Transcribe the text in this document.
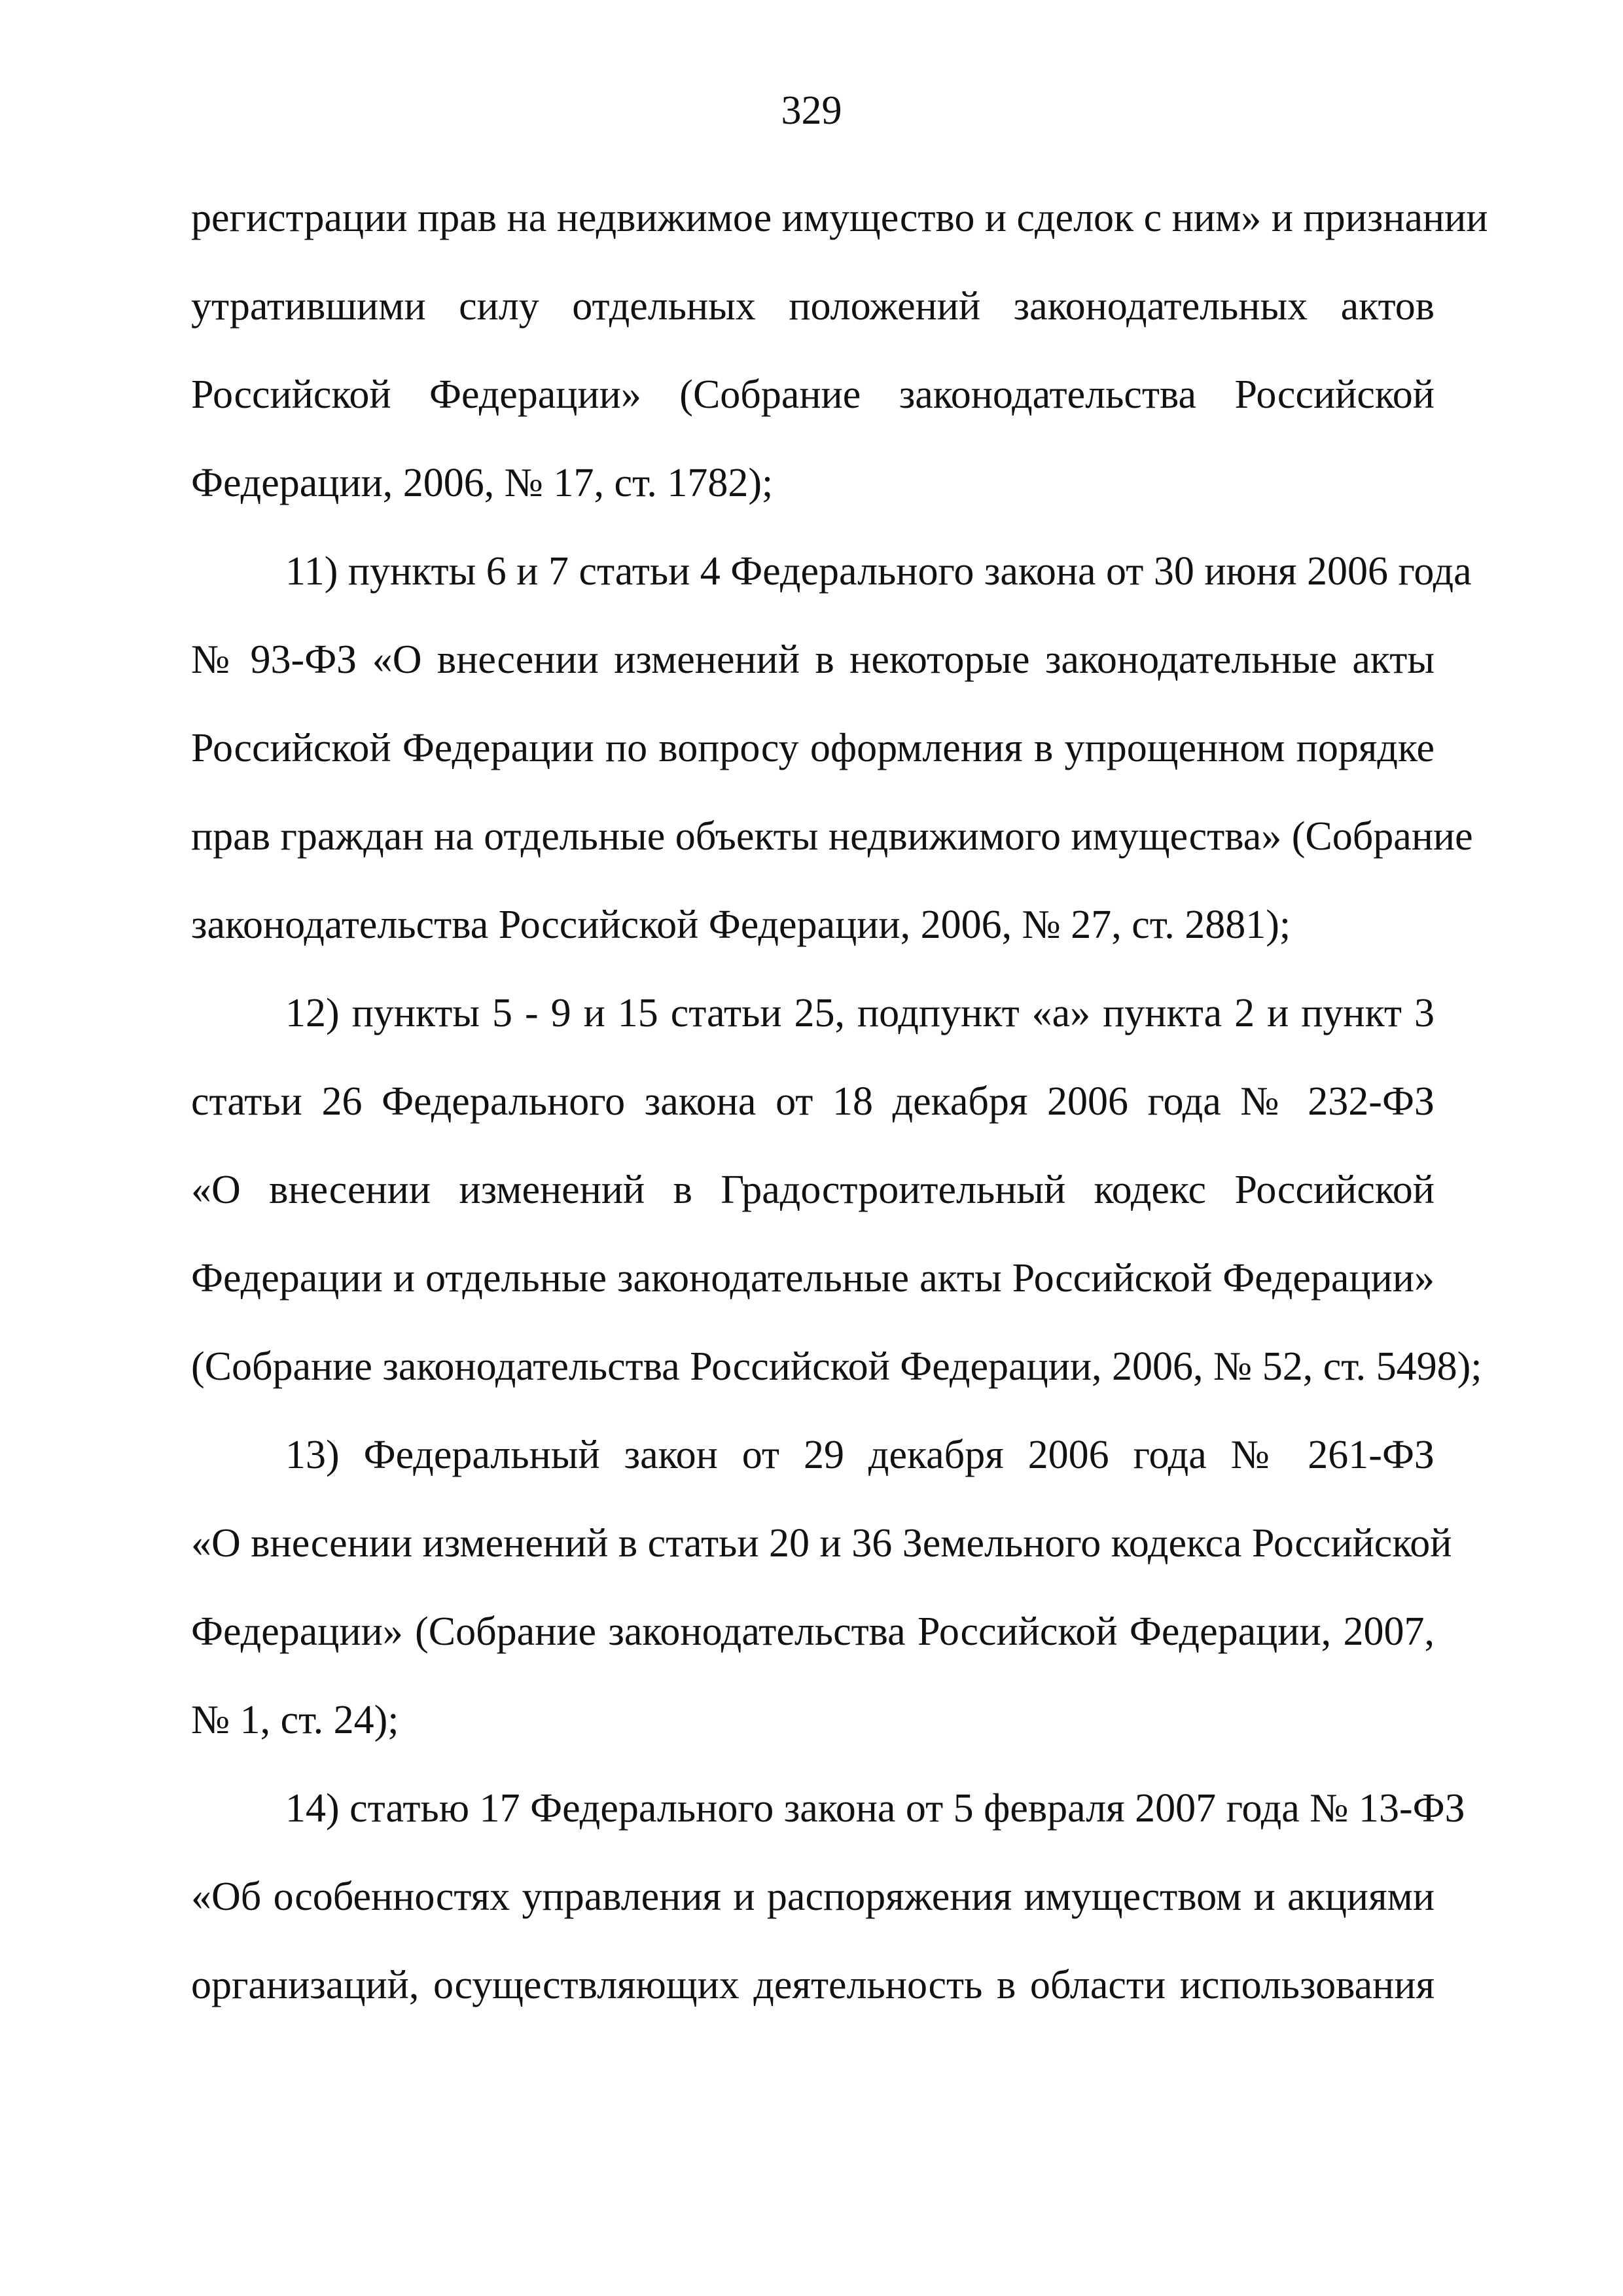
329
регистрации прав на недвижимое имущество и сделок с ним» и признании
утратившими силу отдельных положений законодательных актов
Российской Федерации» (Собрание законодательства Российской
Федерации, 2006, № 17, ст. 1782);
11) пункты 6 и 7 статьи 4 Федерального закона от 30 июня 2006 года
№ 93-ФЗ «О внесении изменений в некоторые законодательные акты
Российской Федерации по вопросу оформления в упрощенном порядке
прав граждан на отдельные объекты недвижимого имущества» (Собрание
законодательства Российской Федерации, 2006, № 27, ст. 2881);
12) пункты 5 - 9 и 15 статьи 25, подпункт «а» пункта 2 и пункт 3
статьи 26 Федерального закона от 18 декабря 2006 года № 232-ФЗ
«О внесении изменений в Градостроительный кодекс Российской
Федерации и отдельные законодательные акты Российской Федерации»
(Собрание законодательства Российской Федерации, 2006, № 52, ст. 5498);
13) Федеральный закон от 29 декабря 2006 года № 261-ФЗ
«О внесении изменений в статьи 20 и 36 Земельного кодекса Российской
Федерации» (Собрание законодательства Российской Федерации, 2007,
№ 1, ст. 24);
14) статью 17 Федерального закона от 5 февраля 2007 года № 13-ФЗ
«Об особенностях управления и распоряжения имуществом и акциями
организаций, осуществляющих деятельность в области использования
